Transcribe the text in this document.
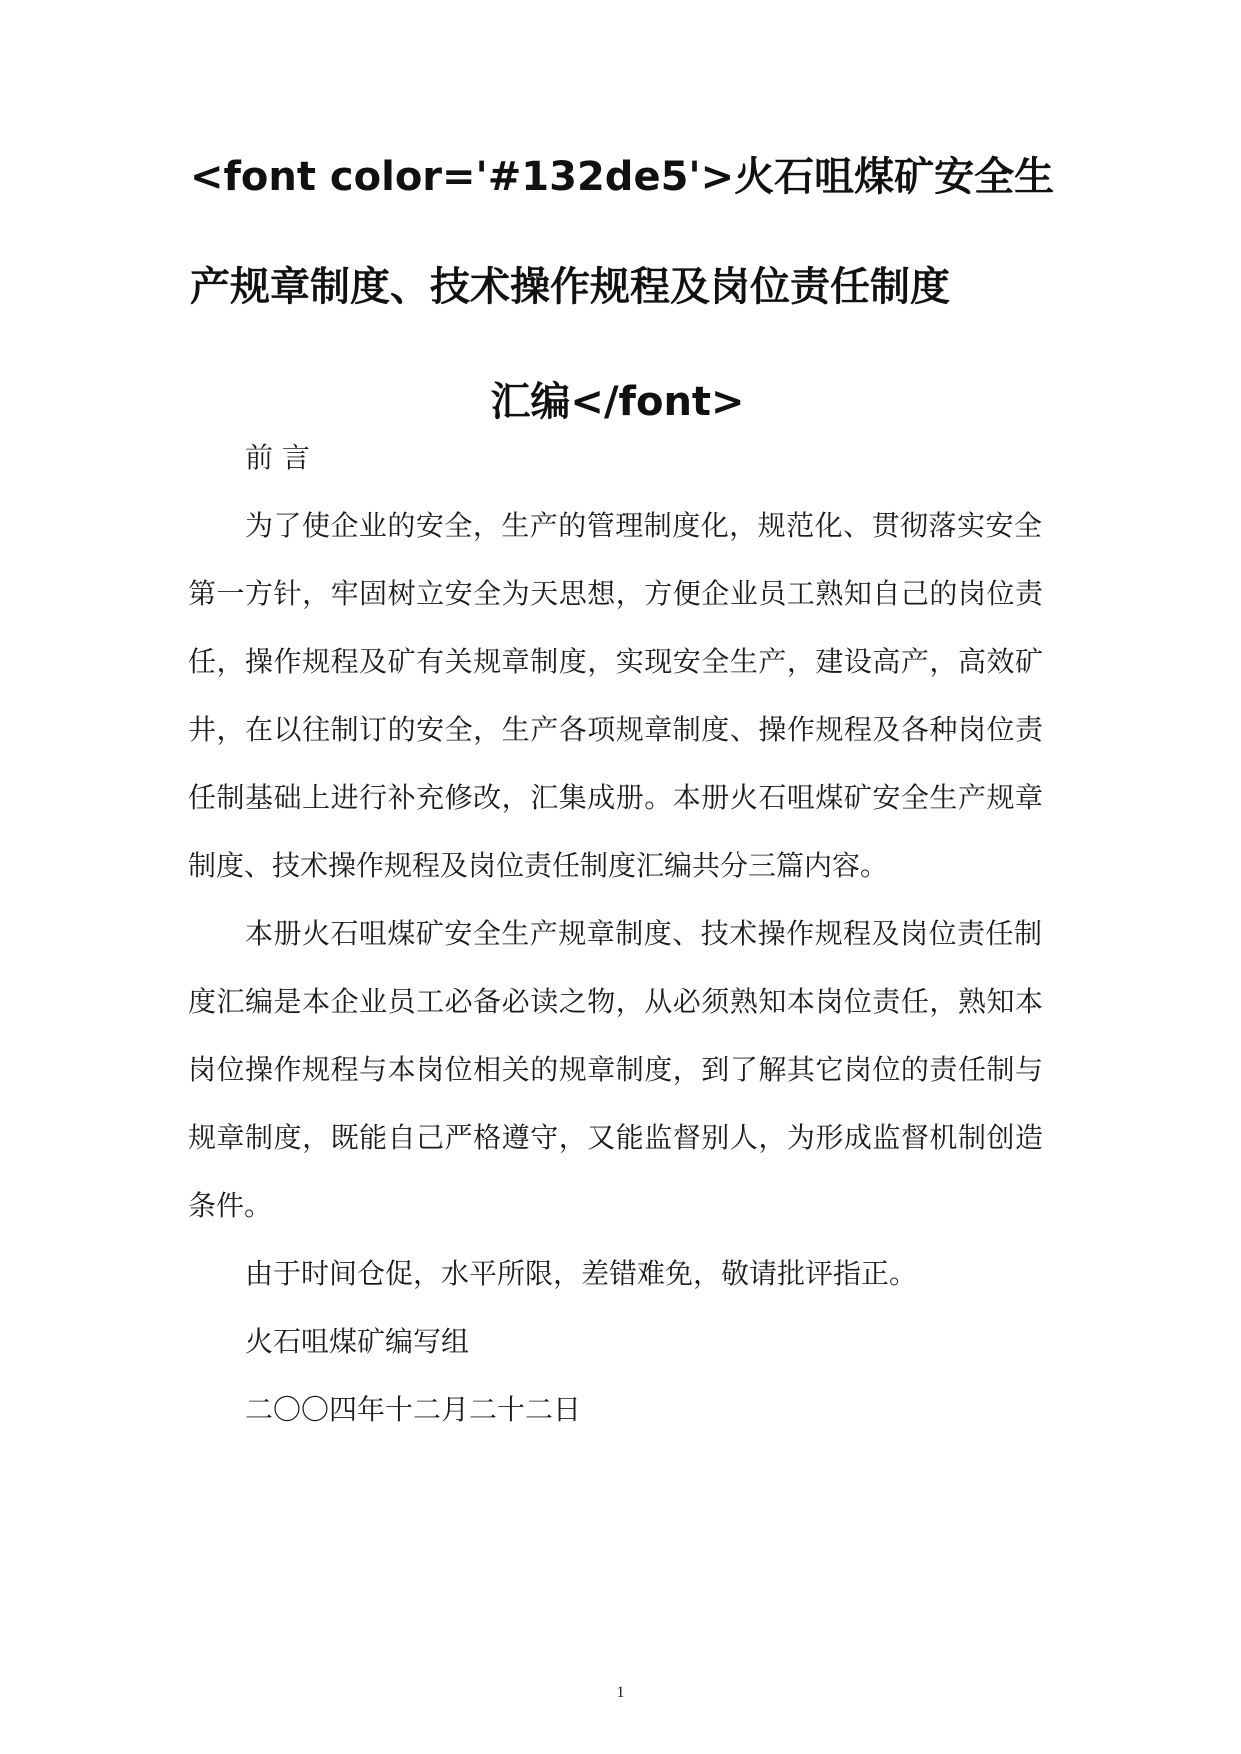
<font color='#132de5'>火石咀煤矿安全生
产规章制度、技术操作规程及岗位责任制度
汇编</font>
前 言
为了使企业的安全，生产的管理制度化，规范化、贯彻落实安全
第一方针，牢固树立安全为天思想，方便企业员工熟知自己的岗位责
任，操作规程及矿有关规章制度，实现安全生产，建设高产，高效矿
井，在以往制订的安全，生产各项规章制度、操作规程及各种岗位责
任制基础上进行补充修改，汇集成册。本册火石咀煤矿安全生产规章
制度、技术操作规程及岗位责任制度汇编共分三篇内容。
本册火石咀煤矿安全生产规章制度、技术操作规程及岗位责任制
度汇编是本企业员工必备必读之物，从必须熟知本岗位责任，熟知本
岗位操作规程与本岗位相关的规章制度，到了解其它岗位的责任制与
规章制度，既能自己严格遵守，又能监督别人，为形成监督机制创造
条件。
由于时间仓促，水平所限，差错难免，敬请批评指正。
火石咀煤矿编写组
二〇〇四年十二月二十二日
1
